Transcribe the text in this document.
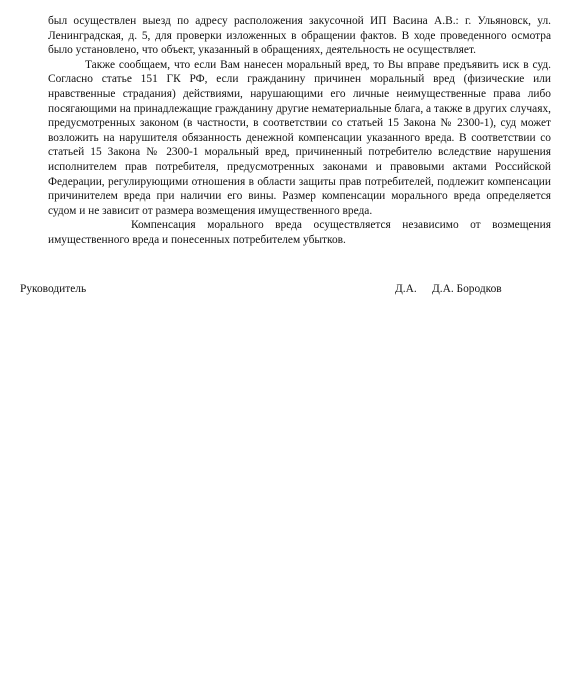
был осуществлен выезд по адресу расположения закусочной ИП Васина А.В.: г. Ульяновск, ул. Ленинградская, д. 5, для проверки изложенных в обращении фактов. В ходе проведенного осмотра было установлено, что объект, указанный в обращениях, деятельность не осуществляет.

Также сообщаем, что если Вам нанесен моральный вред, то Вы вправе предъявить иск в суд. Согласно статье 151 ГК РФ, если гражданину причинен моральный вред (физические или нравственные страдания) действиями, нарушающими его личные неимущественные права либо посягающими на принадлежащие гражданину другие нематериальные блага, а также в других случаях, предусмотренных законом (в частности, в соответствии со статьей 15 Закона № 2300-1), суд может возложить на нарушителя обязанность денежной компенсации указанного вреда. В соответствии со статьей 15 Закона № 2300-1 моральный вред, причиненный потребителю вследствие нарушения исполнителем прав потребителя, предусмотренных законами и правовыми актами Российской Федерации, регулирующими отношения в области защиты прав потребителей, подлежит компенсации причинителем вреда при наличии его вины. Размер компенсации морального вреда определяется судом и не зависит от размера возмещения имущественного вреда.

Компенсация морального вреда осуществляется независимо от возмещения имущественного вреда и понесенных потребителем убытков.

Руководитель	Д.А. Д.А. Бородков
